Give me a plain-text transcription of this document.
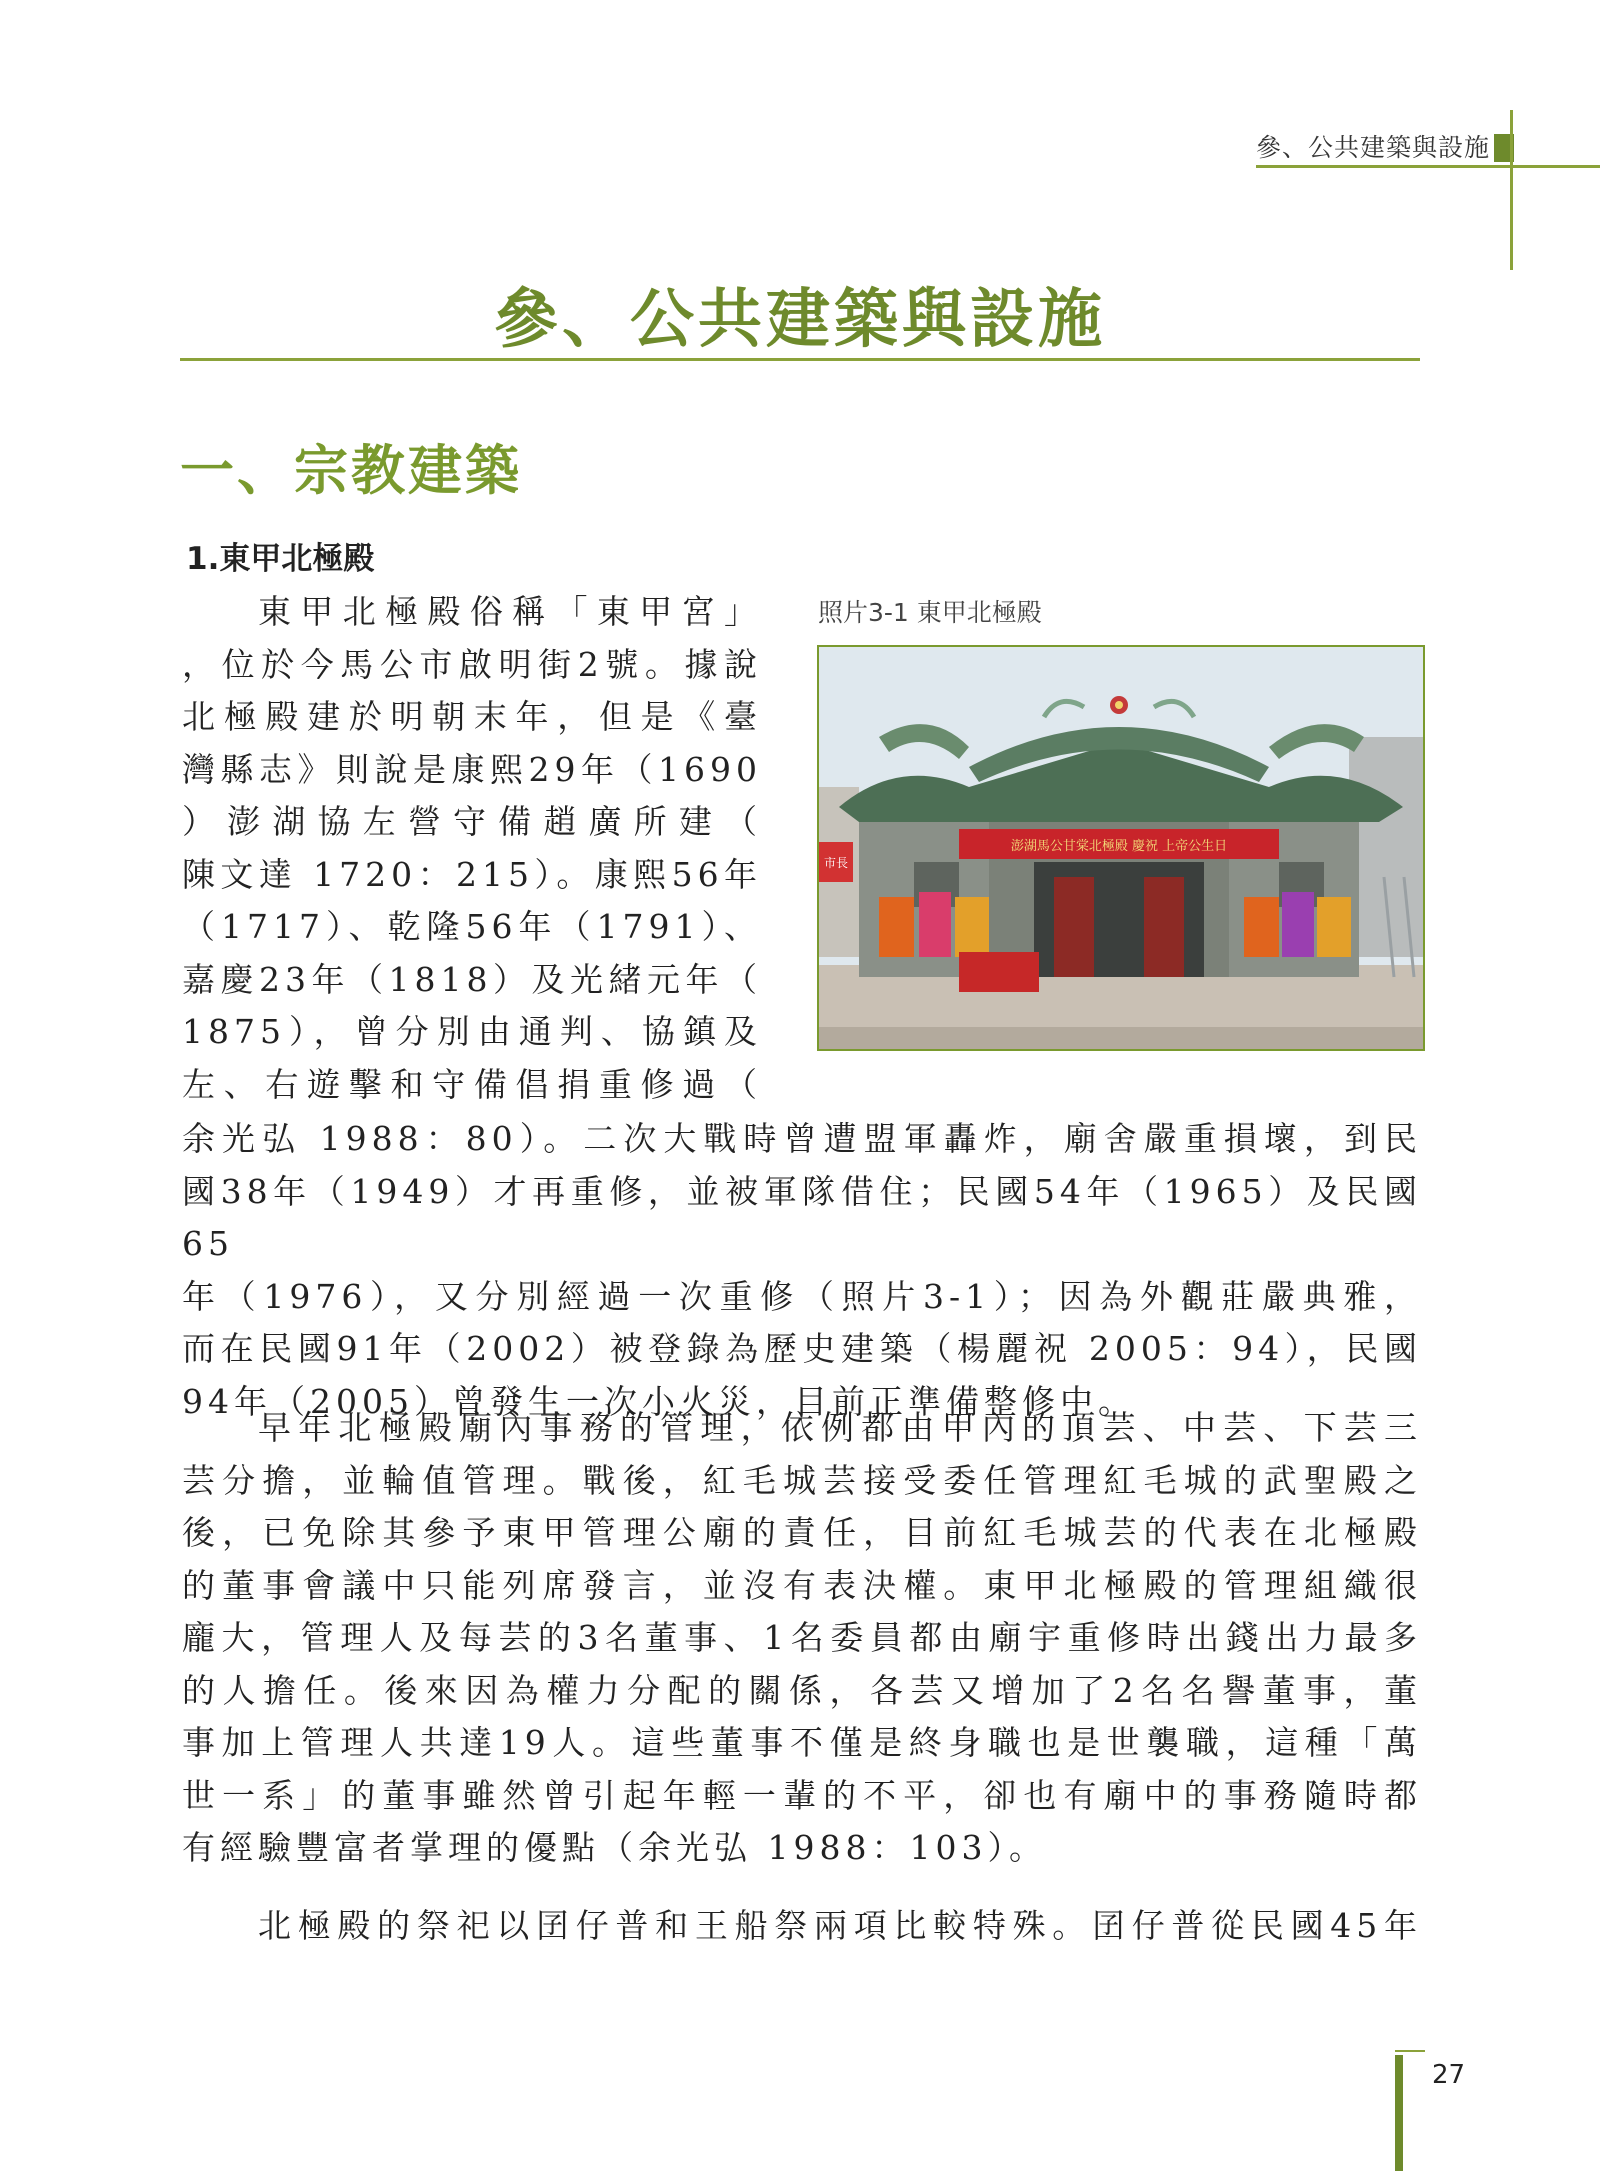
參、公共建築與設施
參、公共建築與設施
一、宗教建築
1.東甲北極殿
東甲北極殿俗稱「東甲宮」
，位於今馬公市啟明街2號。據說
北極殿建於明朝末年，但是《臺
灣縣志》則說是康熙29年（1690
）澎湖協左營守備趙廣所建（
陳文達 1720：215）。康熙56年
（1717）、乾隆56年（1791）、
嘉慶23年（1818）及光緒元年（
1875），曾分別由通判、協鎮及
左、右遊擊和守備倡捐重修過（
照片3-1 東甲北極殿
澎湖馬公甘棠北極殿 慶祝 上帝公生日
市長
余光弘 1988：80）。二次大戰時曾遭盟軍轟炸，廟舍嚴重損壞，到民
國38年（1949）才再重修，並被軍隊借住；民國54年（1965）及民國65
年（1976），又分別經過一次重修（照片3-1）；因為外觀莊嚴典雅，
而在民國91年（2002）被登錄為歷史建築（楊麗祝 2005：94），民國
94年（2005）曾發生一次小火災，目前正準備整修中。
早年北極殿廟內事務的管理，依例都由甲內的頂芸、中芸、下芸三
芸分擔，並輪值管理。戰後，紅毛城芸接受委任管理紅毛城的武聖殿之
後，已免除其參予東甲管理公廟的責任，目前紅毛城芸的代表在北極殿
的董事會議中只能列席發言，並沒有表決權。東甲北極殿的管理組織很
龐大，管理人及每芸的3名董事、1名委員都由廟宇重修時出錢出力最多
的人擔任。後來因為權力分配的關係，各芸又增加了2名名譽董事，董
事加上管理人共達19人。這些董事不僅是終身職也是世襲職，這種「萬
世一系」的董事雖然曾引起年輕一輩的不平，卻也有廟中的事務隨時都
有經驗豐富者掌理的優點（余光弘 1988：103）。
北極殿的祭祀以囝仔普和王船祭兩項比較特殊。囝仔普從民國45年
27
